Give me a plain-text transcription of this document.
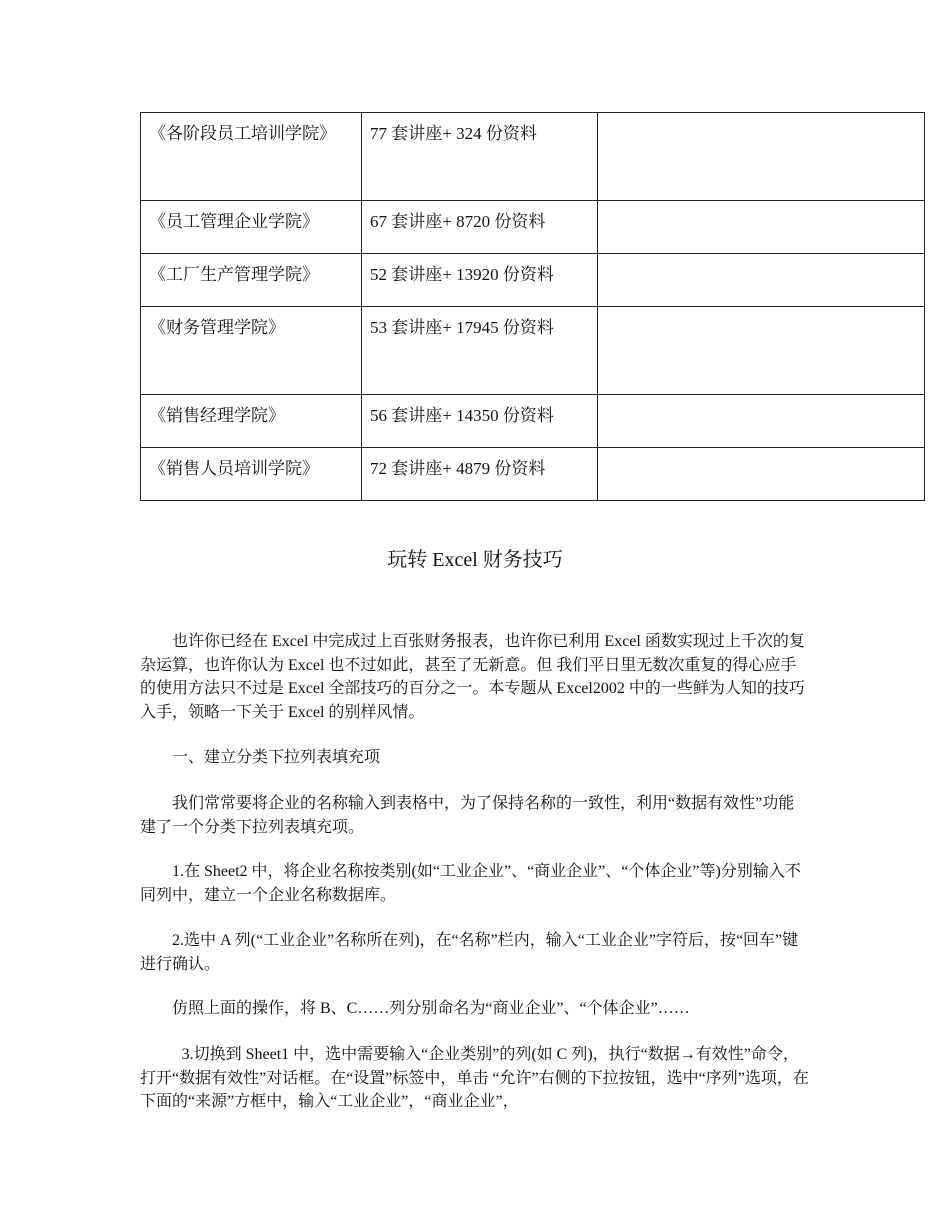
《各阶段员工培训学院》	77 套讲座+ 324 份资料	
《员工管理企业学院》	67 套讲座+ 8720 份资料	
《工厂生产管理学院》	52 套讲座+ 13920 份资料	
《财务管理学院》	53 套讲座+ 17945 份资料	
《销售经理学院》	56 套讲座+ 14350 份资料	
《销售人员培训学院》	72 套讲座+ 4879 份资料	
玩转 Excel 财务技巧

也许你已经在 Excel 中完成过上百张财务报表，也许你已利用 Excel 函数实现过上千次的复杂运算，也许你认为 Excel 也不过如此，甚至了无新意。但 我们平日里无数次重复的得心应手的使用方法只不过是 Excel 全部技巧的百分之一。本专题从 Excel2002 中的一些鲜为人知的技巧入手，领略一下关于 Excel 的别样风情。

一、建立分类下拉列表填充项

我们常常要将企业的名称输入到表格中，为了保持名称的一致性，利用“数据有效性”功能建了一个分类下拉列表填充项。

1.在 Sheet2 中，将企业名称按类别(如“工业企业”、“商业企业”、“个体企业”等)分别输入不同列中，建立一个企业名称数据库。

2.选中 A 列(“工业企业”名称所在列)，在“名称”栏内，输入“工业企业”字符后，按“回车”键进行确认。

仿照上面的操作，将 B、C……列分别命名为“商业企业”、“个体企业”……

3.切换到 Sheet1 中，选中需要输入“企业类别”的列(如 C 列)，执行“数据→有效性”命令，打开“数据有效性”对话框。在“设置”标签中，单击 “允许”右侧的下拉按钮，选中“序列”选项，在下面的“来源”方框中，输入“工业企业”，“商业企业”，
